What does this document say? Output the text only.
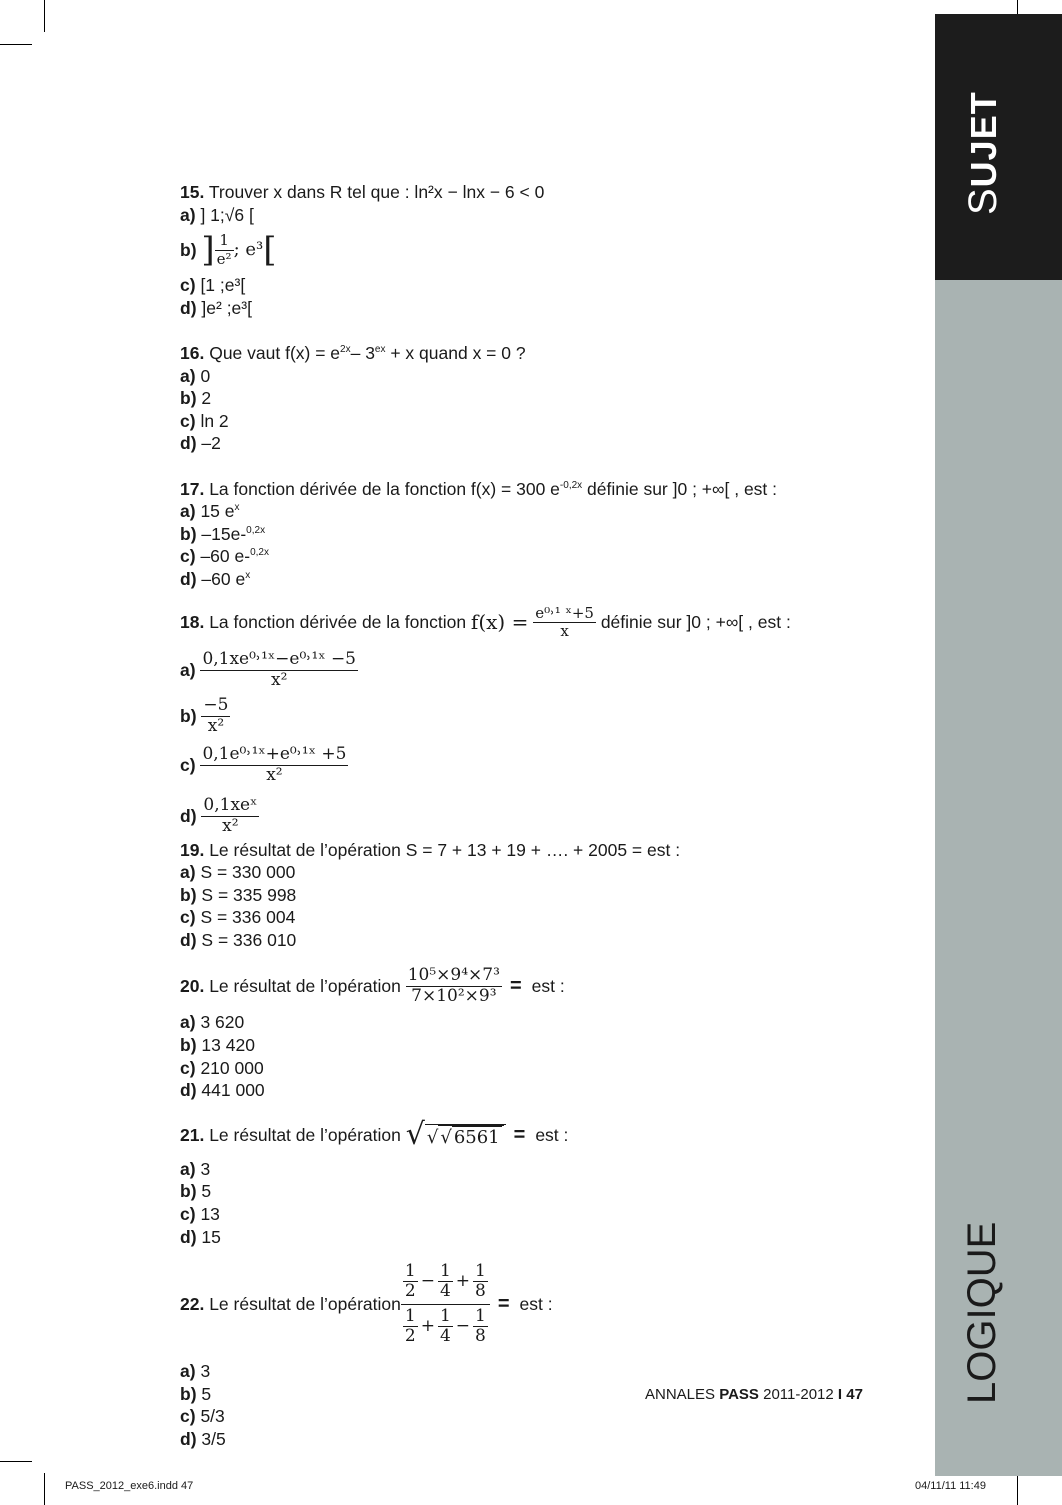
SUJET
LOGIQUE
15. Trouver x dans R tel que : ln²x − lnx − 6 < 0
a) ] 1;√6 [
b)
] $\frac{1}{\text{e²}}$ ; e³ [
c) [1 ;e³[
d) ]e² ;e³[
16. Que vaut $f(x) = e^{2x}-$ $3^{ex} + x$ quand x = 0 ?
a) 0
b) 2
c) ln 2
d) –2
17. La fonction dérivée de la fonction f(x) = 300 $e^{-0,2x}$ définie sur ]0 ; +∞[ , est :
a) 15 $e^x$
b) –15e-$^{0,2x}$
c) –60 e-$^{0,2x}$
d) –60 $e^x$
18.
La fonction dérivée de la fonction
f(x) =
$\frac{\text{e⁰˒¹ ˣ+5}}{x}$
définie sur ]0 ; +∞[ , est :
a)
$\frac{\text{0,1xe⁰˒¹ˣ−e⁰˒¹ˣ −5}}{\text{x²}}$
b)
$\frac{-5}{\text{x²}}$
c)
$\frac{\text{0,1e⁰˒¹ˣ+e⁰˒¹ˣ +5}}{\text{x²}}$
d)
$\frac{\text{0,1xeˣ}}{\text{x²}}$
19. Le résultat de l’opération S = 7 + 13 + 19 + …. + 2005 = est :
a) S = 330 000
b) S = 335 998
c) S = 336 004
d) S = 336 010
20.
Le résultat de l’opération
$\frac{\text{10⁵×9⁴×7³}}{\text{7×10²×9³}}$ = est :
a) 3 620
b) 13 420
c) 210 000
d) 441 000
21.
Le résultat de l’opération
√ √ √ 6561 = est :
a) 3
b) 5
c) 13
d) 15
22.
Le résultat de l’opération $\frac{\frac{1}{2} - \frac{1}{4} + \frac{1}{8}}{\frac{1}{2} + \frac{1}{4} - \frac{1}{8}}$ = est :
a) 3
b) 5
c) 5/3
d) 3/5
ANNALES PASS 2011-2012 I 47
PASS_2012_exe6.indd 47	04/11/11 11:49
